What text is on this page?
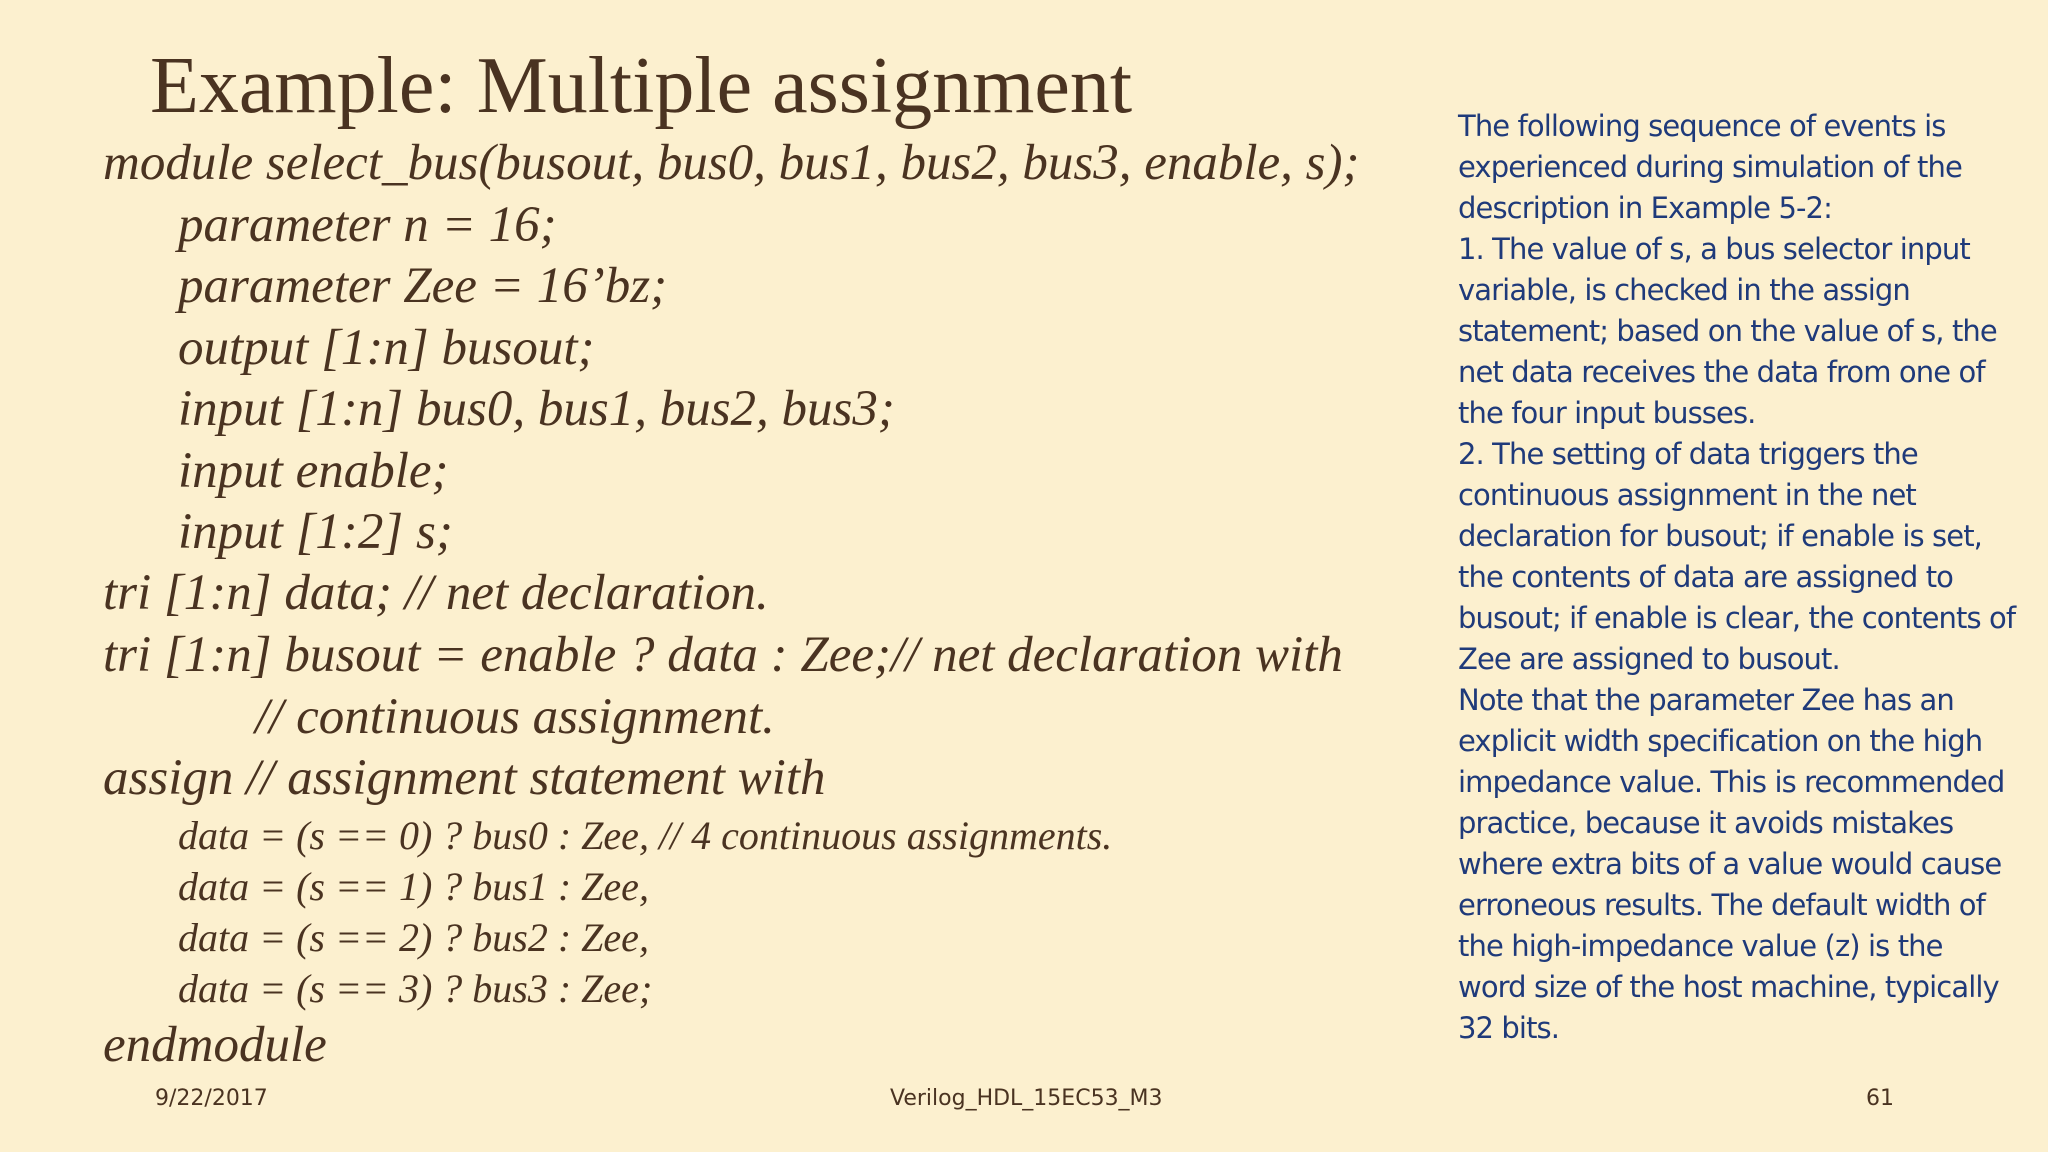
Example: Multiple assignment
module select_bus(busout, bus0, bus1, bus2, bus3, enable, s);
parameter n = 16;
parameter Zee = 16’bz;
output [1:n] busout;
input [1:n] bus0, bus1, bus2, bus3;
input enable;
input [1:2] s;
tri [1:n] data; // net declaration.
tri [1:n] busout = enable ? data : Zee;// net declaration with
// continuous assignment.
assign // assignment statement with
data = (s == 0) ? bus0 : Zee, // 4 continuous assignments.
data = (s == 1) ? bus1 : Zee,
data = (s == 2) ? bus2 : Zee,
data = (s == 3) ? bus3 : Zee;
endmodule

The following sequence of events is experienced during simulation of the description in Example 5-2:

1. The value of s, a bus selector input variable, is checked in the assign statement; based on the value of s, the net data receives the data from one of the four input busses.

2. The setting of data triggers the continuous assignment in the net declaration for busout; if enable is set, the contents of data are assigned to busout; if enable is clear, the contents of Zee are assigned to busout.

Note that the parameter Zee has an explicit width specification on the high impedance value. This is recommended practice, because it avoids mistakes where extra bits of a value would cause erroneous results. The default width of the high-impedance value (z) is the word size of the host machine, typically 32 bits.

9/22/2017	Verilog_HDL_15EC53_M3	61
